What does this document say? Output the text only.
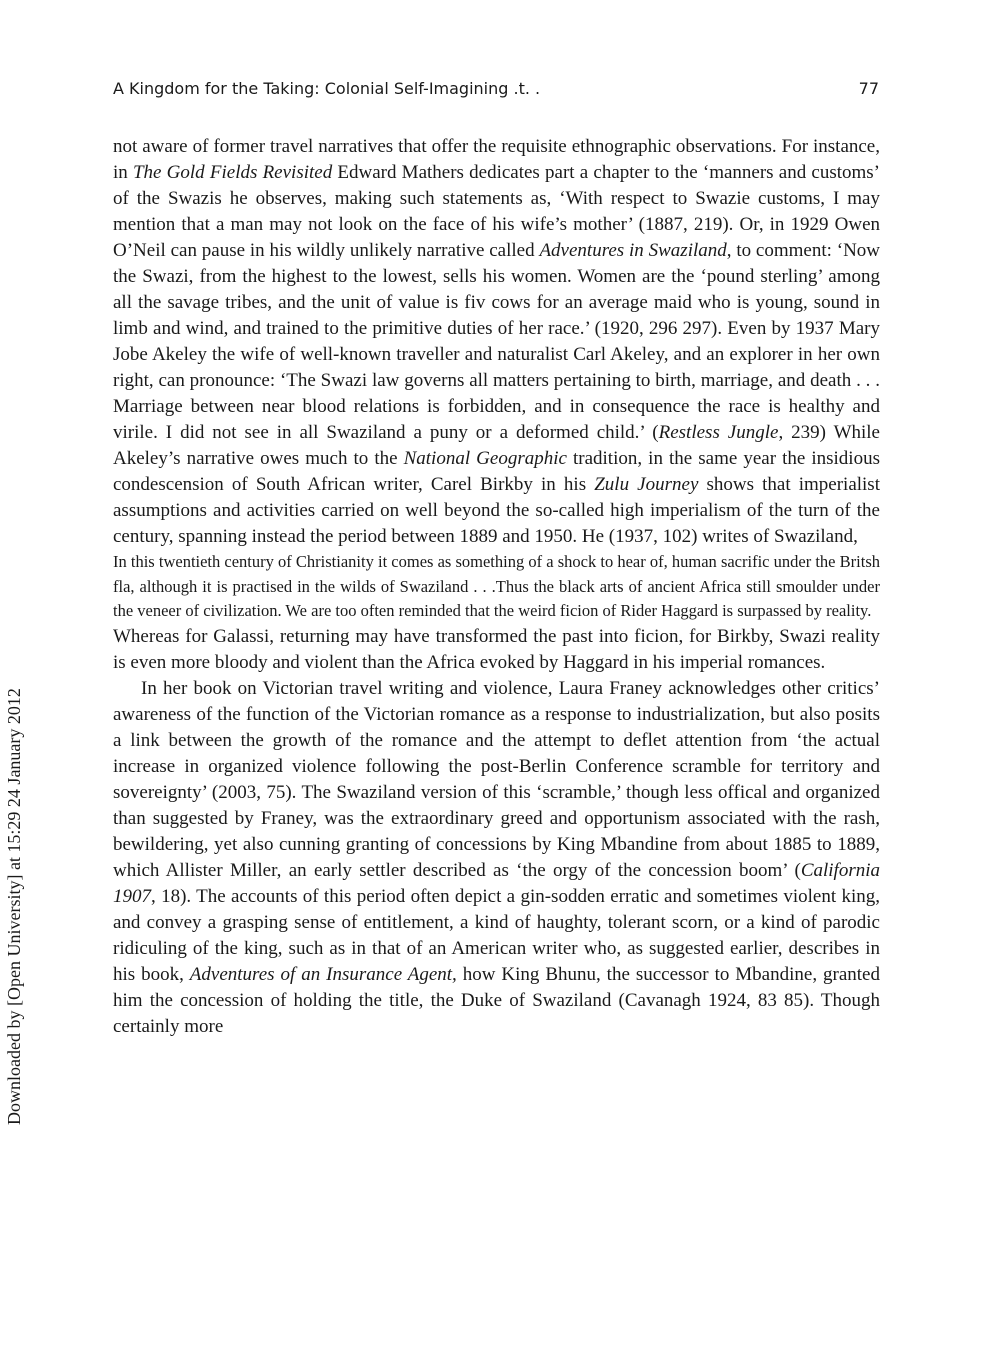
A Kingdom for the Taking: Colonial Self-Imagining .t. .	77
Downloaded by [Open University] at 15:29 24 January 2012

not aware of former travel narratives that offer the requisite ethnographic observations. For instance, in The Gold Fields Revisited Edward Mathers dedicates part a chapter to the ‘manners and customs’ of the Swazis he observes, making such statements as, ‘With respect to Swazie customs, I may mention that a man may not look on the face of his wife’s mother’ (1887, 219). Or, in 1929 Owen O’Neil can pause in his wildly unlikely narrative called Adventures in Swaziland, to comment: ‘Now the Swazi, from the highest to the lowest, sells his women. Women are the ‘pound sterling’ among all the savage tribes, and the unit of value is fiv cows for an average maid who is young, sound in limb and wind, and trained to the primitive duties of her race.’ (1920, 296 297). Even by 1937 Mary Jobe Akeley the wife of well-known traveller and naturalist Carl Akeley, and an explorer in her own right, can pronounce: ‘The Swazi law governs all matters pertaining to birth, marriage, and death . . . Marriage between near blood relations is forbidden, and in consequence the race is healthy and virile. I did not see in all Swaziland a puny or a deformed child.’ (Restless Jungle, 239) While Akeley’s narrative owes much to the National Geographic tradition, in the same year the insidious condescension of South African writer, Carel Birkby in his Zulu Journey shows that imperialist assumptions and activities carried on well beyond the so-called high imperialism of the turn of the century, spanning instead the period between 1889 and 1950. He (1937, 102) writes of Swaziland,

In this twentieth century of Christianity it comes as something of a shock to hear of, human sacrific under the Britsh fla, although it is practised in the wilds of Swaziland . . .Thus the black arts of ancient Africa still smoulder under the veneer of civilization. We are too often reminded that the weird ficion of Rider Haggard is surpassed by reality.

Whereas for Galassi, returning may have transformed the past into ficion, for Birkby, Swazi reality is even more bloody and violent than the Africa evoked by Haggard in his imperial romances.

In her book on Victorian travel writing and violence, Laura Franey acknowledges other critics’ awareness of the function of the Victorian romance as a response to industrialization, but also posits a link between the growth of the romance and the attempt to deflet attention from ‘the actual increase in organized violence following the post-Berlin Conference scramble for territory and sovereignty’ (2003, 75). The Swaziland version of this ‘scramble,’ though less offical and organized than suggested by Franey, was the extraordinary greed and opportunism associated with the rash, bewildering, yet also cunning granting of concessions by King Mbandine from about 1885 to 1889, which Allister Miller, an early settler described as ‘the orgy of the concession boom’ (California 1907, 18). The accounts of this period often depict a gin-sodden erratic and sometimes violent king, and convey a grasping sense of entitlement, a kind of haughty, tolerant scorn, or a kind of parodic ridiculing of the king, such as in that of an American writer who, as suggested earlier, describes in his book, Adventures of an Insurance Agent, how King Bhunu, the successor to Mbandine, granted him the concession of holding the title, the Duke of Swaziland (Cavanagh 1924, 83 85). Though certainly more
